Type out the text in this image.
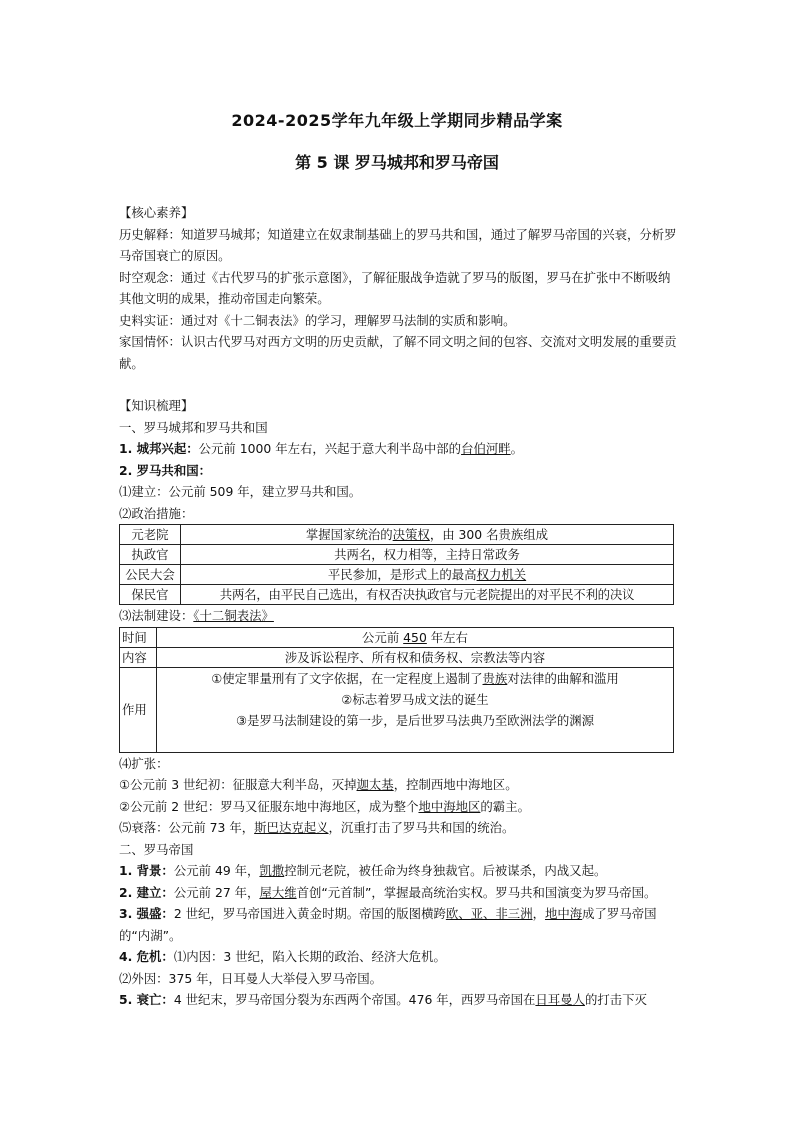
2024-2025学年九年级上学期同步精品学案
第 5 课 罗马城邦和罗马帝国

【核心素养】

历史解释：知道罗马城邦；知道建立在奴隶制基础上的罗马共和国，通过了解罗马帝国的兴衰，分析罗马帝国衰亡的原因。

时空观念：通过《古代罗马的扩张示意图》，了解征服战争造就了罗马的版图，罗马在扩张中不断吸纳其他文明的成果，推动帝国走向繁荣。

史料实证：通过对《十二铜表法》的学习，理解罗马法制的实质和影响。

家国情怀：认识古代罗马对西方文明的历史贡献，了解不同文明之间的包容、交流对文明发展的重要贡献。

【知识梳理】

一、罗马城邦和罗马共和国

1. 城邦兴起：公元前 1000 年左右，兴起于意大利半岛中部的台伯河畔。

2. 罗马共和国：

⑴建立：公元前 509 年，建立罗马共和国。

⑵政治措施：

元老院	掌握国家统治的决策权，由 300 名贵族组成
执政官	共两名，权力相等，主持日常政务
公民大会	平民参加，是形式上的最高权力机关
保民官	共两名，由平民自己选出，有权否决执政官与元老院提出的对平民不利的决议

⑶法制建设：《十二铜表法》

时间	公元前 450 年左右
内容	涉及诉讼程序、所有权和债务权、宗教法等内容
作用	①使定罪量刑有了文字依据，在一定程度上遏制了贵族对法律的曲解和滥用
②标志着罗马成文法的诞生
③是罗马法制建设的第一步，是后世罗马法典乃至欧洲法学的渊源

⑷扩张：

①公元前 3 世纪初：征服意大利半岛，灭掉迦太基，控制西地中海地区。

②公元前 2 世纪：罗马又征服东地中海地区，成为整个地中海地区的霸主。

⑸衰落：公元前 73 年，斯巴达克起义，沉重打击了罗马共和国的统治。

二、罗马帝国

1. 背景：公元前 49 年，凯撒控制元老院，被任命为终身独裁官。后被谋杀，内战又起。

2. 建立：公元前 27 年，屋大维首创“元首制”，掌握最高统治实权。罗马共和国演变为罗马帝国。

3. 强盛：2 世纪，罗马帝国进入黄金时期。帝国的版图横跨欧、亚、非三洲，地中海成了罗马帝国的“内湖”。

4. 危机：⑴内因：3 世纪，陷入长期的政治、经济大危机。

⑵外因：375 年，日耳曼人大举侵入罗马帝国。

5. 衰亡：4 世纪末，罗马帝国分裂为东西两个帝国。476 年，西罗马帝国在日耳曼人的打击下灭
